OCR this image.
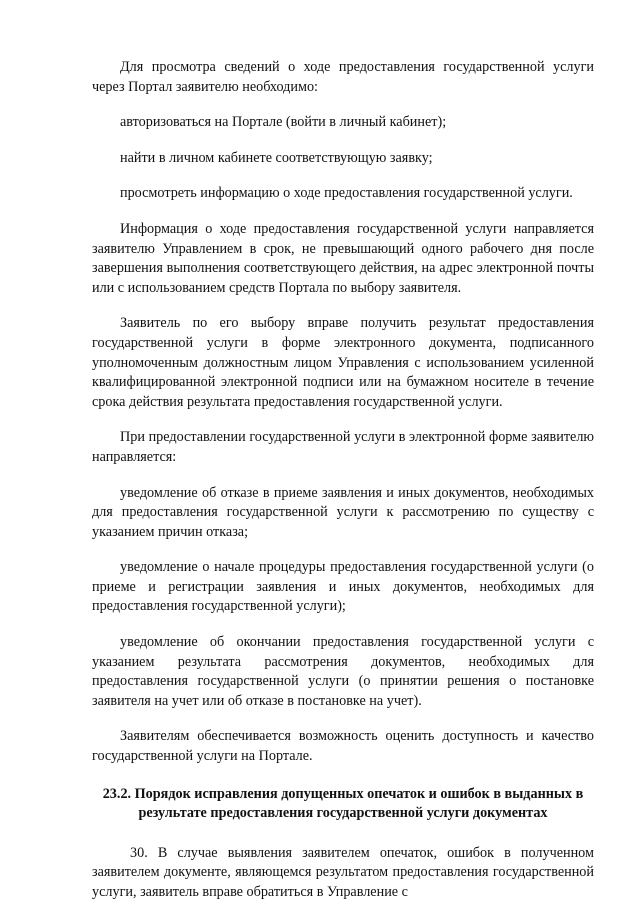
Для просмотра сведений о ходе предоставления государственной услуги через Портал заявителю необходимо:

авторизоваться на Портале (войти в личный кабинет);

найти в личном кабинете соответствующую заявку;

просмотреть информацию о ходе предоставления государственной услуги.

Информация о ходе предоставления государственной услуги направляется заявителю Управлением в срок, не превышающий одного рабочего дня после завершения выполнения соответствующего действия, на адрес электронной почты или с использованием средств Портала по выбору заявителя.

Заявитель по его выбору вправе получить результат предоставления государственной услуги в форме электронного документа, подписанного уполномоченным должностным лицом Управления с использованием усиленной квалифицированной электронной подписи или на бумажном носителе в течение срока действия результата предоставления государственной услуги.

При предоставлении государственной услуги в электронной форме заявителю направляется:

уведомление об отказе в приеме заявления и иных документов, необходимых для предоставления государственной услуги к рассмотрению по существу с указанием причин отказа;

уведомление о начале процедуры предоставления государственной услуги (о приеме и регистрации заявления и иных документов, необходимых для предоставления государственной услуги);

уведомление об окончании предоставления государственной услуги с указанием результата рассмотрения документов, необходимых для предоставления государственной услуги (о принятии решения о постановке заявителя на учет или об отказе в постановке на учет).

Заявителям обеспечивается возможность оценить доступность и качество государственной услуги на Портале.

23.2. Порядок исправления допущенных опечаток и ошибок в выданных в результате предоставления государственной услуги документах

30. В случае выявления заявителем опечаток, ошибок в полученном заявителем документе, являющемся результатом предоставления государственной услуги, заявитель вправе обратиться в Управление с
